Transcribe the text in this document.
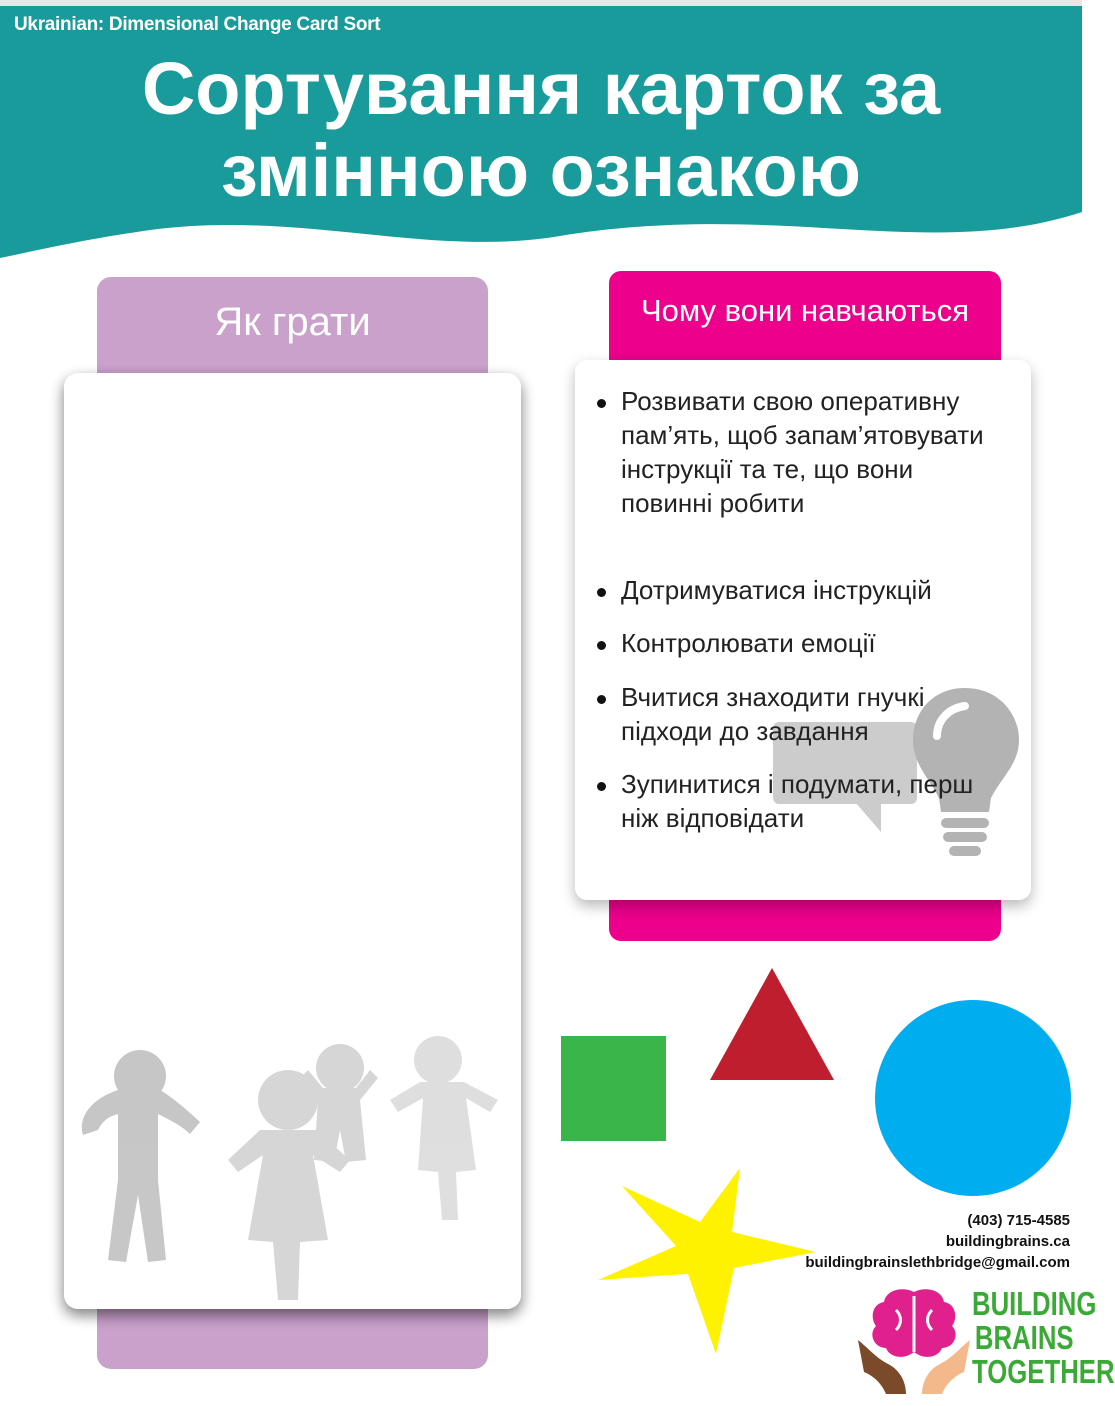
Ukrainian: Dimensional Change Card Sort
Сортування карток за
змінною ознакою
Як грати	Чому вони навчаються
Розвивати свою оперативну пам’ять, щоб запам’ятовувати інструкції та те, що вони повинні робити
Дотримуватися інструкцій
Контролювати емоції
Вчитися знаходити гнучкі підходи до завдання
Зупинитися і подумати, перш ніж відповідати
(403) 715-4585
buildingbrains.ca
buildingbrainslethbridge@gmail.com
BUILDING
BRAINS
TOGETHER
